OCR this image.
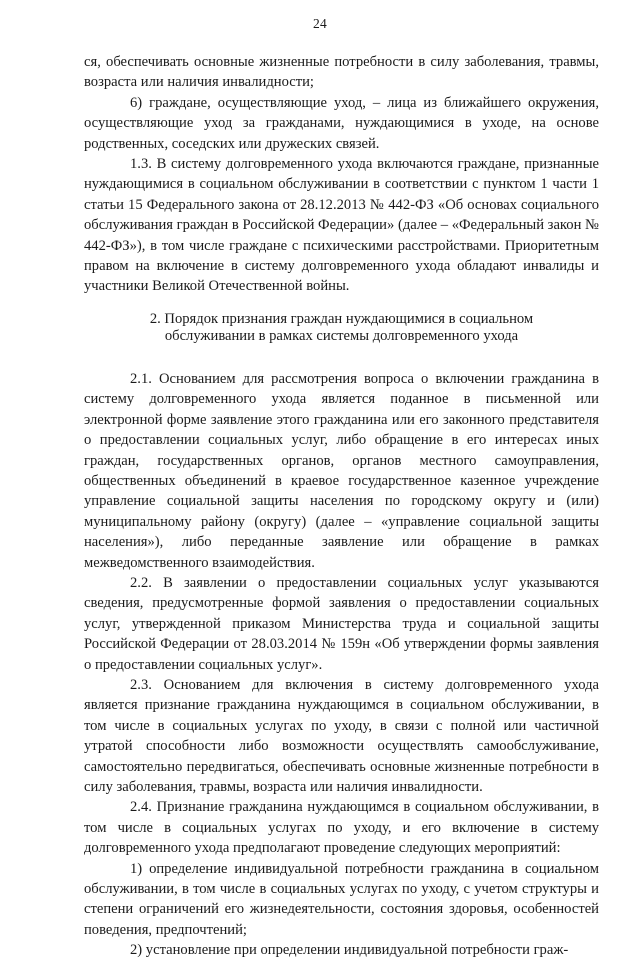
24

ся, обеспечивать основные жизненные потребности в силу заболевания, травмы, возраста или наличия инвалидности;

6) граждане, осуществляющие уход, – лица из ближайшего окружения, осуществляющие уход за гражданами, нуждающимися в уходе, на основе родственных, соседских или дружеских связей.

1.3. В систему долговременного ухода включаются граждане, признанные нуждающимися в социальном обслуживании в соответствии с пунктом 1 части 1 статьи 15 Федерального закона от 28.12.2013 № 442-ФЗ «Об основах социального обслуживания граждан в Российской Федерации» (далее – «Федеральный закон № 442-ФЗ»), в том числе граждане с психическими расстройствами. Приоритетным правом на включение в систему долговременного ухода обладают инвалиды и участники Великой Отечественной войны.

2. Порядок признания граждан нуждающимися в социальном
обслуживании в рамках системы долговременного ухода

2.1. Основанием для рассмотрения вопроса о включении гражданина в систему долговременного ухода является поданное в письменной или электронной форме заявление этого гражданина или его законного представителя о предоставлении социальных услуг, либо обращение в его интересах иных граждан, государственных органов, органов местного самоуправления, общественных объединений в краевое государственное казенное учреждение управление социальной защиты населения по городскому округу и (или) муниципальному району (округу) (далее – «управление социальной защиты населения»), либо переданные заявление или обращение в рамках межведомственного взаимодействия.

2.2. В заявлении о предоставлении социальных услуг указываются сведения, предусмотренные формой заявления о предоставлении социальных услуг, утвержденной приказом Министерства труда и социальной защиты Российской Федерации от 28.03.2014 № 159н «Об утверждении формы заявления о предоставлении социальных услуг».

2.3. Основанием для включения в систему долговременного ухода является признание гражданина нуждающимся в социальном обслуживании, в том числе в социальных услугах по уходу, в связи с полной или частичной утратой способности либо возможности осуществлять самообслуживание, самостоятельно передвигаться, обеспечивать основные жизненные потребности в силу заболевания, травмы, возраста или наличия инвалидности.

2.4. Признание гражданина нуждающимся в социальном обслуживании, в том числе в социальных услугах по уходу, и его включение в систему долговременного ухода предполагают проведение следующих мероприятий:

1) определение индивидуальной потребности гражданина в социальном обслуживании, в том числе в социальных услугах по уходу, с учетом структуры и степени ограничений его жизнедеятельности, состояния здоровья, особенностей поведения, предпочтений;

2) установление при определении индивидуальной потребности граж-
